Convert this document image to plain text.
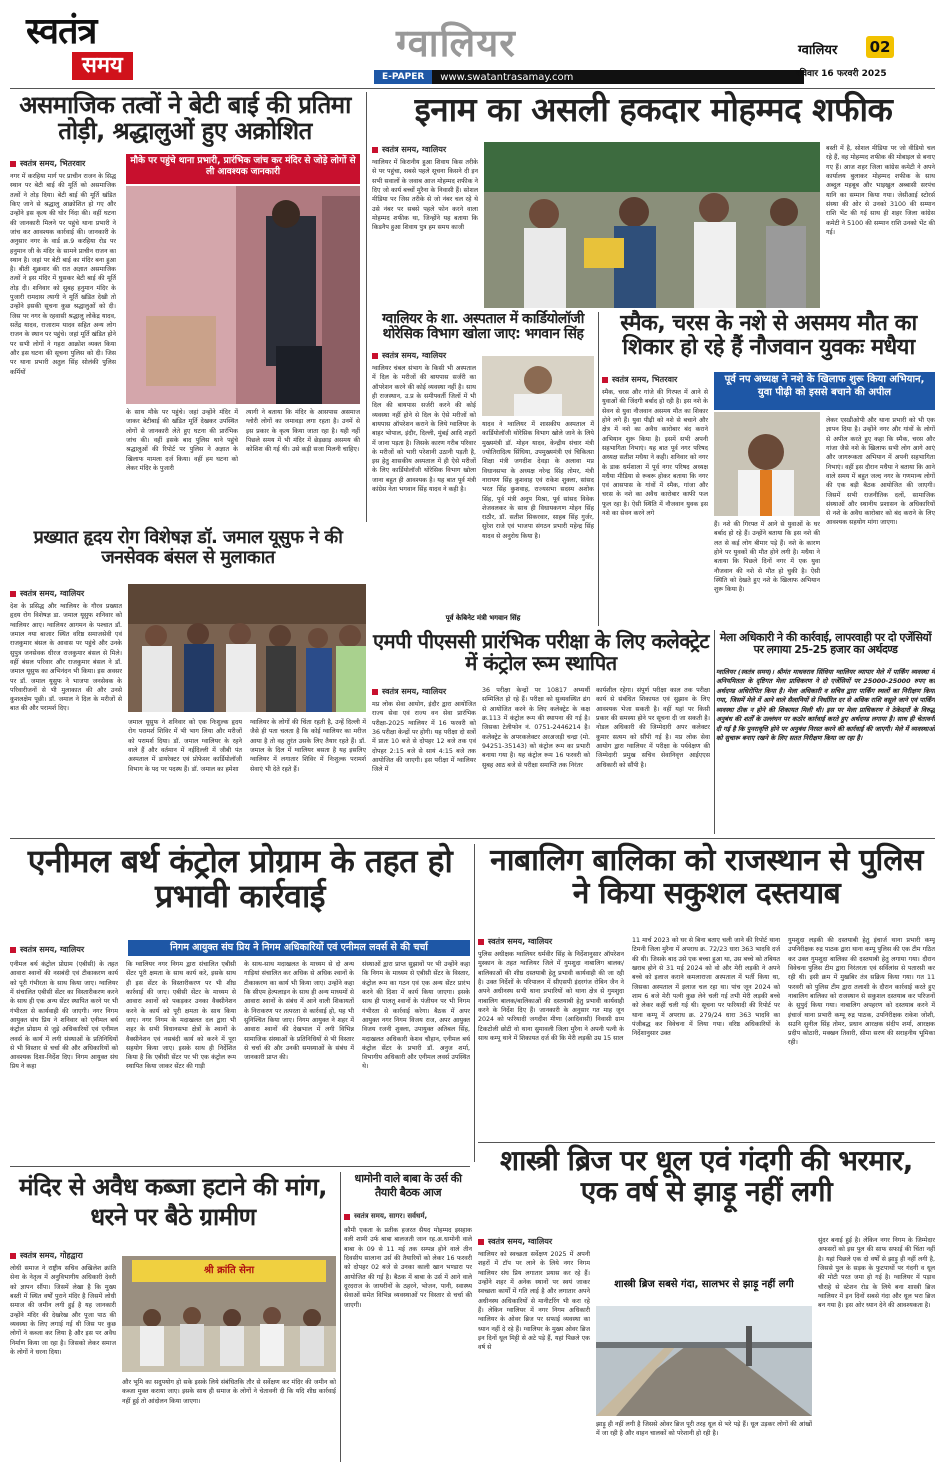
स्वतंत्र
समय
ग्वालियर
E-PAPER	www.swatantrasamay.com
ग्वालियर 02
रविवार 16 फरवरी 2025
असमाजिक तत्वों ने बेटी बाई की प्रतिमा तोड़ी, श्रद्धालुओं हुए अक्रोशित
स्वतंत्र समय, भितरवार
नगर में करहिया मार्ग पर प्राचीन राजन के सिद्ध स्थान पर बेटी बाई की मूर्ति को असमाजिक तत्वों ने तोड़ दिया। बेटी बाई की मूर्ति खंडित किए जाने से श्रद्धालु आक्रोशित हो गए और उन्होंने इस कृत्य की घोर निंदा की। वहीं घटना की जानकारी मिलने पर पहुंचे थाना प्रभारी ने जांच कर आवश्यक कार्रवाई की। जानकारी के अनुसार नगर के वार्ड क्र.9 करहिया रोड पर हनुमान जी के मंदिर के सामने प्राचीन राजन का स्थान है। जहां पर बेटी बाई का मंदिर बना हुआ है। बीती शुक्रवार की रात अज्ञात असमाजिक तत्वों ने इस मंदिर में घुसकर बेटी बाई की मूर्ति तोड़ दी। शनिवार को सुबह हनुमान मंदिर के पुजारी रामदास त्यागी ने मूर्ति खंडित देखी तो उन्होंने इसकी सूचना कुछ श्रद्धालुओं को दी। जिस पर नगर के रहवासी श्रद्धालु लोकेंद्र यादव, सतेंद्र यादव, राजाराम यादव सहित अन्य लोग राजन के स्थान पर पहुंचे। जहां मूर्ति खंडित होने पर सभी लोगों ने गहरा आक्रोश व्यक्त किया और इस घटना की सूचना पुलिस को दी। जिस पर थाना प्रभारी अतुल सिंह सोलंकी पुलिस कर्मियों
मौके पर पहुंचे थाना प्रभारी, प्रारंभिक जांच कर मंदिर से जोड़े लोगों से ली आवश्यक जानकारी
के साथ मौके पर पहुंचे। जहां उन्होंने मंदिर में जाकर बेटीबाई की खंडित मूर्ति देखकर उपस्थित लोगों से जानकारी लेते हुए घटना की प्रारंभिक जांच की। वहीं इसके बाद पुलिस थाने पहुंचे श्रद्धालुओं की रिपोर्ट पर पुलिस ने अज्ञात के खिलाफ मामला दर्ज किया। वहीं हम घटना को लेकर मंदिर के पुजारी
त्यागी ने बताया कि मंदिर के आसपास असमाज ग्लोरी लोगों का जमावड़ा लगा रहता है। उनमें से इस प्रकार के कृत्य किया जाता रहा है। यही नहीं पिछले समय में भी मंदिर में छेड़छाड़ असमय की कोशिश की गई थी। उसे कड़ी सजा मिलनी चाहिए।
इनाम का असली हकदार मोहम्मद शफीक
स्वतंत्र समय, ग्वालियर
ग्वालियर में किरानीय हुआ शिवाय किस तरीके से पर पहुंचा, सबसे पहले सूचना किसने दी इन सभी सवालों के जवाब आज मोहम्मद शफीक ने दिए जो कार्य बच्चों मुरैना के निवासी हैं। सोशल मीडिया पर जिस तरीके से जो नंबर चल रहे थे उसे नंबर पर सबसे पहले फोन करने वाला मोहम्मद शफीक था, जिन्होंने यह बताया कि किडनैप हुआ शिवाय पुत्र हम समय काजी
बस्ती में है, सोशल मीडिया पर जो वीडियो चल रहे हैं, वह मोहम्मद शफीक की मोबाइल से बनाए गए हैं। आज शहर जिला कांग्रेस कमेटी ने अपने कार्यालय बुलाकर मोहम्मद शफीक के साथ अब्दुल महबूब और भाइखुल अब्बासी सरपंच यानि का सम्मान किया गया। जेसीआई स्टोरर्स संस्था की ओर से उनको 3100 की सम्मान राशि भेंट की गई साथ ही शहर जिला कांग्रेस कमेटी ने 5100 की सम्मान राशि उनको भेंट की गई।
ग्वालियर के शा. अस्पताल में कार्डियोलॉजी थोरेसिक विभाग खोला जाए: भगवान सिंह
स्वतंत्र समय, ग्वालियर
ग्वालियर चंबल संभाग के किसी भी अस्पताल में दिल के मरीजों की बायपास सर्जरी का ऑपरेशन करने की कोई व्यवस्था नहीं है। साथ ही राजस्थान, उ.प्र के समीपवर्ती जिलों में भी दिल की बायपास सर्जरी करने की कोई व्यवस्था नहीं होने से दिल के ऐसे मरीजों को बायपास ऑपरेशन कराने के लिये ग्वालियर के बाहर भोपाल, इंदौर, दिल्ली, मुंबई आदि शहरों में जाना पड़ता है। जिसके कारण गरीब परिवार के मरीजों को भारी परेशानी उठानी पड़ती है, इस हेतु शासकीय अस्पताल में ही ऐसे मरीजों के लिए कार्डियोलॉजी थोरेसिक विभाग खोला जाना बहुत ही आवश्यक है। यह बात पूर्व मंत्री कांग्रेस नेता भगवान सिंह यादव ने कही है।
यादव ने ग्वालियर में शासकीय अस्पताल में कार्डियोलॉजी थोरेसिक विभाग खोले जाने के लिये मुख्यमंत्री डॉ. मोहन यादव, केन्द्रीय संचार मंत्री ज्योतिरादित्य सिंधिया, उपमुख्यमंत्री एवं चिकित्सा शिक्षा मंत्री जगदीश देवड़ा के अलावा मप्र विधानसभा के अध्यक्ष नरेन्द्र सिंह तोमर, मंत्री नारायण सिंह कुशवाह एवं राकेश शुक्ला, सांसद भरत सिंह कुशवाह, राज्यसभा सदस्य अशोक सिंह, पूर्व मंत्री अनूप मिश्रा, पूर्व सांसद विवेक शेजवलकर के साथ ही विधायकगण मोहन सिंह राठौर, डॉ. सतीश सिकरवार, साहब सिंह गुर्जर, सुरेश राजे एवं भाजपा संगठन प्रभारी महेन्द्र सिंह यादव से अनुरोध किया है।
पूर्व केबिनेट मंत्री भगवान सिंह
स्मैक, चरस के नशे से असमय मौत का शिकार हो रहे हैं नौजवान युवकः मधैया
स्वतंत्र समय, भितरवार	पूर्व नप अध्यक्ष ने नशे के खिलाफ शुरू किया अभियान, युवा पीढ़ी को इससे बचाने की अपील
स्मैक, चरस और गांजे की गिरफ्त में आने से युवाओं की जिंदगी बर्बाद हो रही है। इस नशे के सेवन से युवा नौजवान असमय मौत का शिकार होने लगे हैं। युवा पीढ़ी को नशे से बचाने और क्षेत्र में नशे का अवैध कारोबार बंद कराने अभियान शुरू किया है। इसमें सभी अपनी सहभागिता निभाएं। यह बात पूर्व नगर परिषद अध्यक्ष सतीश मधैया ने कही। शनिवार को नगर के डाक धर्मशाला में पूर्व नगर परिषद अध्यक्ष मधैया मीडिया से रूबरू होकर बताया कि नगर एवं आसपास के गांवों में स्मैक, गांजा और चरस के नशे का अवैध कारोबार काफी फल फूल रहा है। ऐसी स्थिति में नौजवान युवक इस नशे का सेवन करने लगे
हैं। नशे की गिरफ्त में आने से युवाओं के घर बर्बाद हो रहे हैं। उन्होंने बताया कि इस नशे की लत से कई लोग बीमार पड़े हैं। नशे के कारण होने पर युवकों की मौत होने लगी है। मधैया ने बताया कि पिछले दिनों नगर में एक युवा नौजवान की नशे से मौत हो चुकी है। ऐसी स्थिति को देखते हुए नशे के खिलाफ अभियान शुरू किया है।
लेकर एसडीओपी और थाना प्रभारी को भी एक ज्ञापन दिया है। उन्होंने नगर और गांवों के लोगों से अपील करते हुए कहा कि स्मैक, चरस और गांजा जैसे नशे के खिलाफ सभी लोग आगे आएं और जागरूकता अभियान में अपनी सहभागिता निभाएं। वहीं इस दौरान मधैया ने बताया कि आने वाले समय में बहुत जल्द नगर के गणमान्य लोगों की एक बड़ी बैठक आयोजित की जाएगी। जिसमें सभी राजनीतिक दलों, सामाजिक संस्थाओं और स्थानीय प्रशासन के अधिकारियों से नशे के अवैध कारोबार को बंद कराने के लिए आवश्यक सहयोग मांगा जाएगा।
प्रख्यात हृदय रोग विशेषज्ञ डॉ. जमाल यूसुफ ने की जनसेवक बंसल से मुलाकात
स्वतंत्र समय, ग्वालियर
देश के प्रसिद्ध और ग्वालियर के गौरव प्रख्यात हृदय रोग विशेषज्ञ डा. जमाल यूसुफ शनिवार को ग्वालियर आए। ग्वालियर आगमन के पश्चात डॉ. जमाल नया बाजार स्थित वरिष्ठ समाजसेवी एवं राजकुमार बंसल के आवास पर पहुंचे और उनके सुपुत्र जनसेवक धीरज राजकुमार बंसल से मिले। वहीं बंसल परिवार और राजकुमार बंसल ने डॉ. जमाल यूसुफ का अभिनंदन भी किया। इस अवसर पर डॉ. जमाल यूसुफ ने भाजपा जनसेवक के परिवारीजनों से भी मुलाकात की और उनसे कुशलक्षेम पूछी। डॉ. जमाल ने दिल के मरीजों से बात की और परामर्श दिए।
जमाल यूसुफ ने शनिवार को एक निःशुल्क हृदय रोग परामर्श शिविर में भी भाग लिया और मरीजों को परामर्श दिया। डॉ. जमाल ग्वालियर के रहने वाले हैं और वर्तमान में नईदिल्ली में जीबी पंत अस्पताल में डायरेक्टर एवं प्रोफेसर कार्डियोलॉजी विभाग के पद पर पदस्थ हैं। डॉ. जमाल का हमेशा
ग्वालियर के लोगों की चिंता रहती है, उन्हें दिल्ली में जैसे ही पता चलता है कि कोई ग्वालियर का मरीज आया है तो वह तुरंत उसके लिए तैयार रहते हैं। डॉ. जमाल के दिल में ग्वालियर बसता है यह इसलिए ग्वालियर में लगातार शिविर में निःशुल्क परामर्श सेवाएं भी देते रहते हैं।
एमपी पीएससी प्रारंभिक परीक्षा के लिए कलेक्ट्रेट में कंट्रोल रूम स्थापित
स्वतंत्र समय, ग्वालियर
मप्र लोक सेवा आयोग, इंदौर द्वारा आयोजित राज्य सेवा एवं राज्य वन सेवा प्रारंभिक परीक्षा-2025 ग्वालियर में 16 फरवरी को 36 परीक्षा केन्द्रों पर होगी। यह परीक्षा दो सत्रों में प्रातः 10 बजे से दोपहर 12 बजे तक एवं दोपहर 2:15 बजे से सायं 4:15 बजे तक आयोजित की जाएगी। इस परीक्षा में ग्वालियर जिले में
36 परीक्षा केन्द्रों पर 10817 अभ्यर्थी सम्मिलित हो रहे हैं। परीक्षा को सुव्यवस्थित ढंग से आयोजित करने के लिए कलेक्ट्रेट के कक्ष क्र.113 में कंट्रोल रूम की स्थापना की गई है। जिसका टेलीफोन नं. 0751-2446214 है। कलेक्ट्रेट के अपरकलेक्टर अरअजड़ी चन्द्रा (मो. 94251-35143) को कंट्रोल रूम का प्रभारी बनाया गया है। यह कंट्रोल रूम 16 फरवरी को सुबह आठ बजे से परीक्षा समाप्ति तक निरंतर
कार्यशील रहेगा। संपूर्ण परीक्षा काल तक परीक्षा कार्य से संबंधित शिकायत एवं सुझाव के लिए आवश्यक भेजा सकती है। वहीं यहां पर किसी प्रकार की समस्या होने पर सूचना दी जा सकती है। नोडल अधिकारी की जिम्मेदारी अपर कलेक्टर कुमार सत्यम को सौंपी गई है। मप्र लोक सेवा आयोग द्वारा ग्वालियर में परीक्षा के पर्यवेक्षण की जिम्मेदारी प्रमुख सचिव सेवानिवृत्त आईएएस अधिकारी को सौंपी है।
मेला अधिकारी ने की कार्रवाई, लापरवाही पर दो एजेंसियों पर लगाया 25-25 हजार का अर्थदण्ड
ग्वालियर (स्वतंत्र समय)। श्रीमंत माधवराव सिंधिया ग्वालियर व्यापार मेले में पार्किंग व्यवस्था में अनियमितता के दृष्टिगत मेला प्राधिकरण ने दो एजेंसियों पर 25000-25000 रुपए का अर्थदण्ड अधिरोपित किया है। मेला अधिकारी व सचिव द्वारा पार्किंग स्थलों का निरीक्षण किया गया, जिसमें मेले में आने वाले सैलानियों से निर्धारित दर से अधिक राशि वसूले जाने एवं पार्किंग व्यवस्था ठीक न होने की शिकायत मिली थी। इस पर मेला प्राधिकरण ने ठेकेदारों के विरुद्ध अनुबंध की शर्तों के उल्लंघन पर कठोर कार्रवाई करते हुए अर्थदण्ड लगाया है। साथ ही चेतावनी दी गई है कि पुनरावृत्ति होने पर अनुबंध निरस्त करने की कार्रवाई की जाएगी। मेले में व्यवस्थाओं को सुचारू बनाए रखने के लिए सतत निरीक्षण किया जा रहा है।
एनीमल बर्थ कंट्रोल प्रोग्राम के तहत हो प्रभावी कार्रवाई
स्वतंत्र समय, ग्वालियर	निगम आयुक्त संघ प्रिय ने निगम अधिकारियों एवं एनीमल लवर्स से की चर्चा
एनीमल बर्थ कंट्रोल प्रोग्राम (एबीसी) के तहत आवारा श्वानों की नसबंदी एवं टीकाकरण कार्य को पूरी गंभीरता के साथ किया जाए। ग्वालियर में संचालित एबीसी सेंटर का विस्तारीकरण करने के साथ ही एक अन्य सेंटर स्थापित करने पर भी गंभीरता से कार्यवाही की जाएगी। नगर निगम आयुक्त संघ प्रिय ने शनिवार को एनीमल बर्थ कंट्रोल प्रोग्राम से जुड़े अधिकारियों एवं एनीमल लवर्स के कार्य में लगी संस्थाओं के प्रतिनिधियों से भी विस्तार से चर्चा की और अधिकारियों को आवश्यक दिशा-निर्देश दिए। निगम आयुक्त संघ प्रिय ने कहा
कि ग्वालियर नगर निगम द्वारा संचालित एबीसी सेंटर पूरी क्षमता के साथ कार्य करे, इसके साथ ही इस सेंटर के विस्तारीकरण पर भी शीघ्र कार्रवाई की जाए। एबीसी सेंटर के माध्यम से आवारा श्वानों को पकड़कर उनका वैक्सीनेशन करने के कार्य को पूरी क्षमता के साथ किया जाए। नगर निगम के मदाखलत दल द्वारा भी शहर के सभी विधानसभा क्षेत्रों के श्वानों के वैक्सीनेशन एवं नसबंदी कार्य को करने में पूरा सहयोग किया जाए। इसके साथ ही निर्देशित किया है कि एबीसी सेंटर पर भी एक कंट्रोल रूम स्थापित किया जाकर सेंटर की गाड़ी
के साथ-साथ मदाखलत के माध्यम से दो अन्य गाड़ियां संचालित कर अधिक से अधिक श्वानों के टीकाकरण का कार्य भी किया जाए। उन्होंने कहा कि सीएम हेल्पलाइन के साथ ही अन्य माध्यमों से आवारा श्वानों के संबंध में आने वाली शिकायतों के निराकरण पर तत्परता से कार्रवाई हो, यह भी सुनिश्चित किया जाए। निगम आयुक्त ने शहर में आवारा श्वानों की देखभाल में लगी विभिन्न सामाजिक संस्थाओं के प्रतिनिधियों से भी विस्तार से चर्चा की और उनकी समस्याओं के संबंध में जानकारी प्राप्त की।
संस्थाओं द्वारा प्राप्त सुझावों पर भी उन्होंने कहा कि निगम के माध्यम से एबीसी सेंटर के विस्तार, कंट्रोल रूम का गठन एवं एक अन्य सेंटर प्रारंभ करने की दिशा में कार्य किया जाएगा। इसके साथ ही पालतू श्वानों के पंजीयन पर भी निगम गंभीरता से कार्रवाई करेगा। बैठक में अपर आयुक्त नगर निगम विजय राज, अपर आयुक्त विजय रजनी शुक्ला, उपायुक्त अतिबल सिंह, मदाखलत अधिकारी केशव चौहान, एनीमल बर्थ कंट्रोल सेंटर के प्रभारी डॉ. अनुज शर्मा, विभागीय अधिकारी और एनीमल लवर्स उपस्थित थे।
नाबालिग बालिका को राजस्थान से पुलिस ने किया सकुशल दस्तयाब
स्वतंत्र समय, ग्वालियर
पुलिस अधीक्षक ग्वालियर धर्मवीर सिंह के निर्देशानुसार ऑपरेशन मुस्कान के तहत ग्वालियर जिले में गुमशुदा नाबालिग बालक/बालिकाओं की शीघ्र दस्तयाबी हेतु प्रभावी कार्यवाही की जा रही है। उक्त निर्देशों के परिपालन में सीएसपी इंदरगंज रोबिन जैन ने अपने अधीनस्थ सभी थाना प्रभारियों को थाना क्षेत्र से गुमशुदा नाबालिग बालक/बालिकाओं की दस्तयाबी हेतु प्रभावी कार्यवाही करने के निर्देश दिए हैं। जानकारी के अनुसार गत माह जून 2024 को फरियादी जगदीश मीणा (आदिवासी) निवासी ग्राम टिकटोली छोटी वो थाना सुमावली जिला मुरैना ने अपनी पत्नी के साथ कम्पू थाने में शिकायत दर्ज की कि मेरी लड़की उम्र 15 साल
11 मार्च 2023 को घर से बिना बताए चली जाने की रिपोर्ट थाना टिमनी जिला मुरैना में अपराध क्र. 72/23 धारा 363 भादवि दर्ज की थी। जिसके बाद उसे एक बच्चा हुआ था, उस बच्चे को तबियत खराब होने से 31 मई 2024 को वो और मेरी लड़की ने अपने बच्चे को इलाज कराने कमलाराजा अस्पताल में भर्ती किया था, जिसका अस्पताल में इलाज चल रहा था। पांच जून 2024 को शाम 6 बजे मेरी पत्नी कुछ लेने चली गई तभी मेरी लड़की बच्चे को लेकर कहीं चली गई थी। सूचना पर फरियादी की रिपोर्ट पर थाना कम्पू में अपराध क्र. 279/24 धारा 363 भादवि का पंजीबद्ध कर विवेचना में लिया गया। वरिष्ठ अधिकारियों के निर्देशानुसार उक्त
गुमशुदा लड़की की दस्तयाबी हेतु इंचार्ज थाना प्रभारी कम्पू उपनिरीक्षक रुद्र पाठक द्वारा थाना कम्पू पुलिस की एक टीम गठित कर उक्त गुमशुदा बालिका की दस्तयाबी हेतु लगाया गया। दौरान विवेचना पुलिस टीम द्वारा निरंतरता एवं सर्विलांस से पतारसी कर रही थी। इसी क्रम में मुखबिर तंत्र सक्रिय किया गया। गत 11 फरवरी को पुलिस टीम द्वारा तलाशी के दौरान कार्रवाई करते हुए नाबालिग बालिका को राजस्थान से सकुशल दस्तयाब कर परिजनों के सुपुर्द किया गया। नाबालिग अपहरण को दस्तयाब करने में इंचार्ज थाना प्रभारी कम्पू रुद्र पाठक, उपनिरीक्षक राकेश जोशी, सउनि सुनील सिंह तोमर, प्रधान आरक्षक संदीप शर्मा, आरक्षक प्रदीप कोठारी, मक्खन तिवारी, सीमा सरण की सराहनीय भूमिका रही।
मंदिर से अवैध कब्जा हटाने की मांग, धरने पर बैठे ग्रामीण
स्वतंत्र समय, गोहद्वारा
लोधी समाज ने राष्ट्रीय सचिव अखिलेश क्रांति सेना के नेतृत्व में अनुविभागीय अधिकारी देवरी को ज्ञापन सौंपा। जिसमें लेखा है कि मुख्य बस्ती में स्थित वर्षों पुराने मंदिर है जिसमें लोधी समाज की जमीन लगी हुई है यह जानकारी उन्होंने मंदिर की देखरेख और पूजा पाठ की व्यवस्था के लिए लगाई गई थी जिस पर कुछ लोगों ने कब्जा कर लिया है और इस पर अवैध निर्माण किया जा रहा है। जिसको लेकर समाज के लोगों ने धरना दिया।
श्री क्रांति सेना
और भूमि का सदुपयोग हो सके इसके लिये संबंधितकि तौर से सर्वेक्षण कर मंदिर की जमीन को कब्जा मुक्त कराया जाए। इसके साथ ही समाज के लोगों ने चेतावनी दी कि यदि शीघ्र कार्रवाई नहीं हुई तो आंदोलन किया जाएगा।
धामोनी वाले बाबा के उर्स की तैयारी बैठक आज
स्वतंत्र समय, सागर। सर्वधर्म,
कौमी एकता के प्रतीक हजरत सैयद मोहम्मद इसहाक वली शामी उर्फ बाबा बालजती जान रह.अ.धामोनी वाले बाबा के 09 से 11 मई तक सम्पन्न होने वाले तीन दिवसीय सालाना उर्स की तैयारियों को लेकर 16 फरवरी को दोपहर 02 बजे से उनका काली खान भण्डारा पर आयोजित की गई है। बैठक में बाबा के उर्स में आने वाले दूरदराज के जायरीनों के ठहरने, भोजन, पानी, स्वास्थ्य सेवाओं समेत विभिन्न व्यवस्थाओं पर विस्तार से चर्चा की जाएगी।
शास्त्री ब्रिज पर धूल एवं गंदगी की भरमार, एक वर्ष से झाड़ू नहीं लगी
स्वतंत्र समय, ग्वालियर
ग्वालियर को स्वच्छता सर्वेक्षण 2025 में अपनी शहरों में टॉप पर लाने के लिये नगर निगम ग्वालियर संघ प्रिय लगातार प्रयास कर रहे हैं। उन्होंने शहर में अनेक स्थानों पर स्वयं जाकर स्वच्छता कार्यों में गति लाई है और लगातार अपने अधीनस्थ अधिकारियों से मानीटरिंग भी करा रहे हैं। लेकिन ग्वालियर में नगर निगम अधिकारी ग्वालियर के ओवर ब्रिज पर सफाई व्यवस्था का ध्यान नहीं दे रहे हैं। ग्वालियर के मुख्य ओवर ब्रिज इन दिनों धूल मिट्टी से अटे पड़े हैं, यहां पिछले एक वर्ष से
शास्त्री ब्रिज सबसे गंदा, सालभर से झाड़ू नहीं लगी
झाड़ू ही नहीं लगी है जिससे ओवर ब्रिज पूरी तरह धूल से भरे पड़े हैं। धूल उड़कर लोगों की आंखों में जा रही है और वाहन चालकों को परेशानी हो रही है।
सुंदर बनाई हुई है। लेकिन नगर निगम के जिम्मेदार अफसरों को इस पुल की साफ सफाई की चिंता नहीं है। यहां पिछले एक दो वर्षों से झाड़ू ही नहीं लगी है, जिससे पुल के सड़क के फुटपाथों पर गंदगी व धूल की मोटी परत जमा हो गई है। ग्वालियर में पड़ाव चौराहे से स्टेशन रोड के लिये बना शास्त्री ब्रिज ग्वालियर में इन दिनों सबसे गंदा और धूल भरा ब्रिज बन गया है। इस ओर ध्यान देने की आवश्यकता है।
